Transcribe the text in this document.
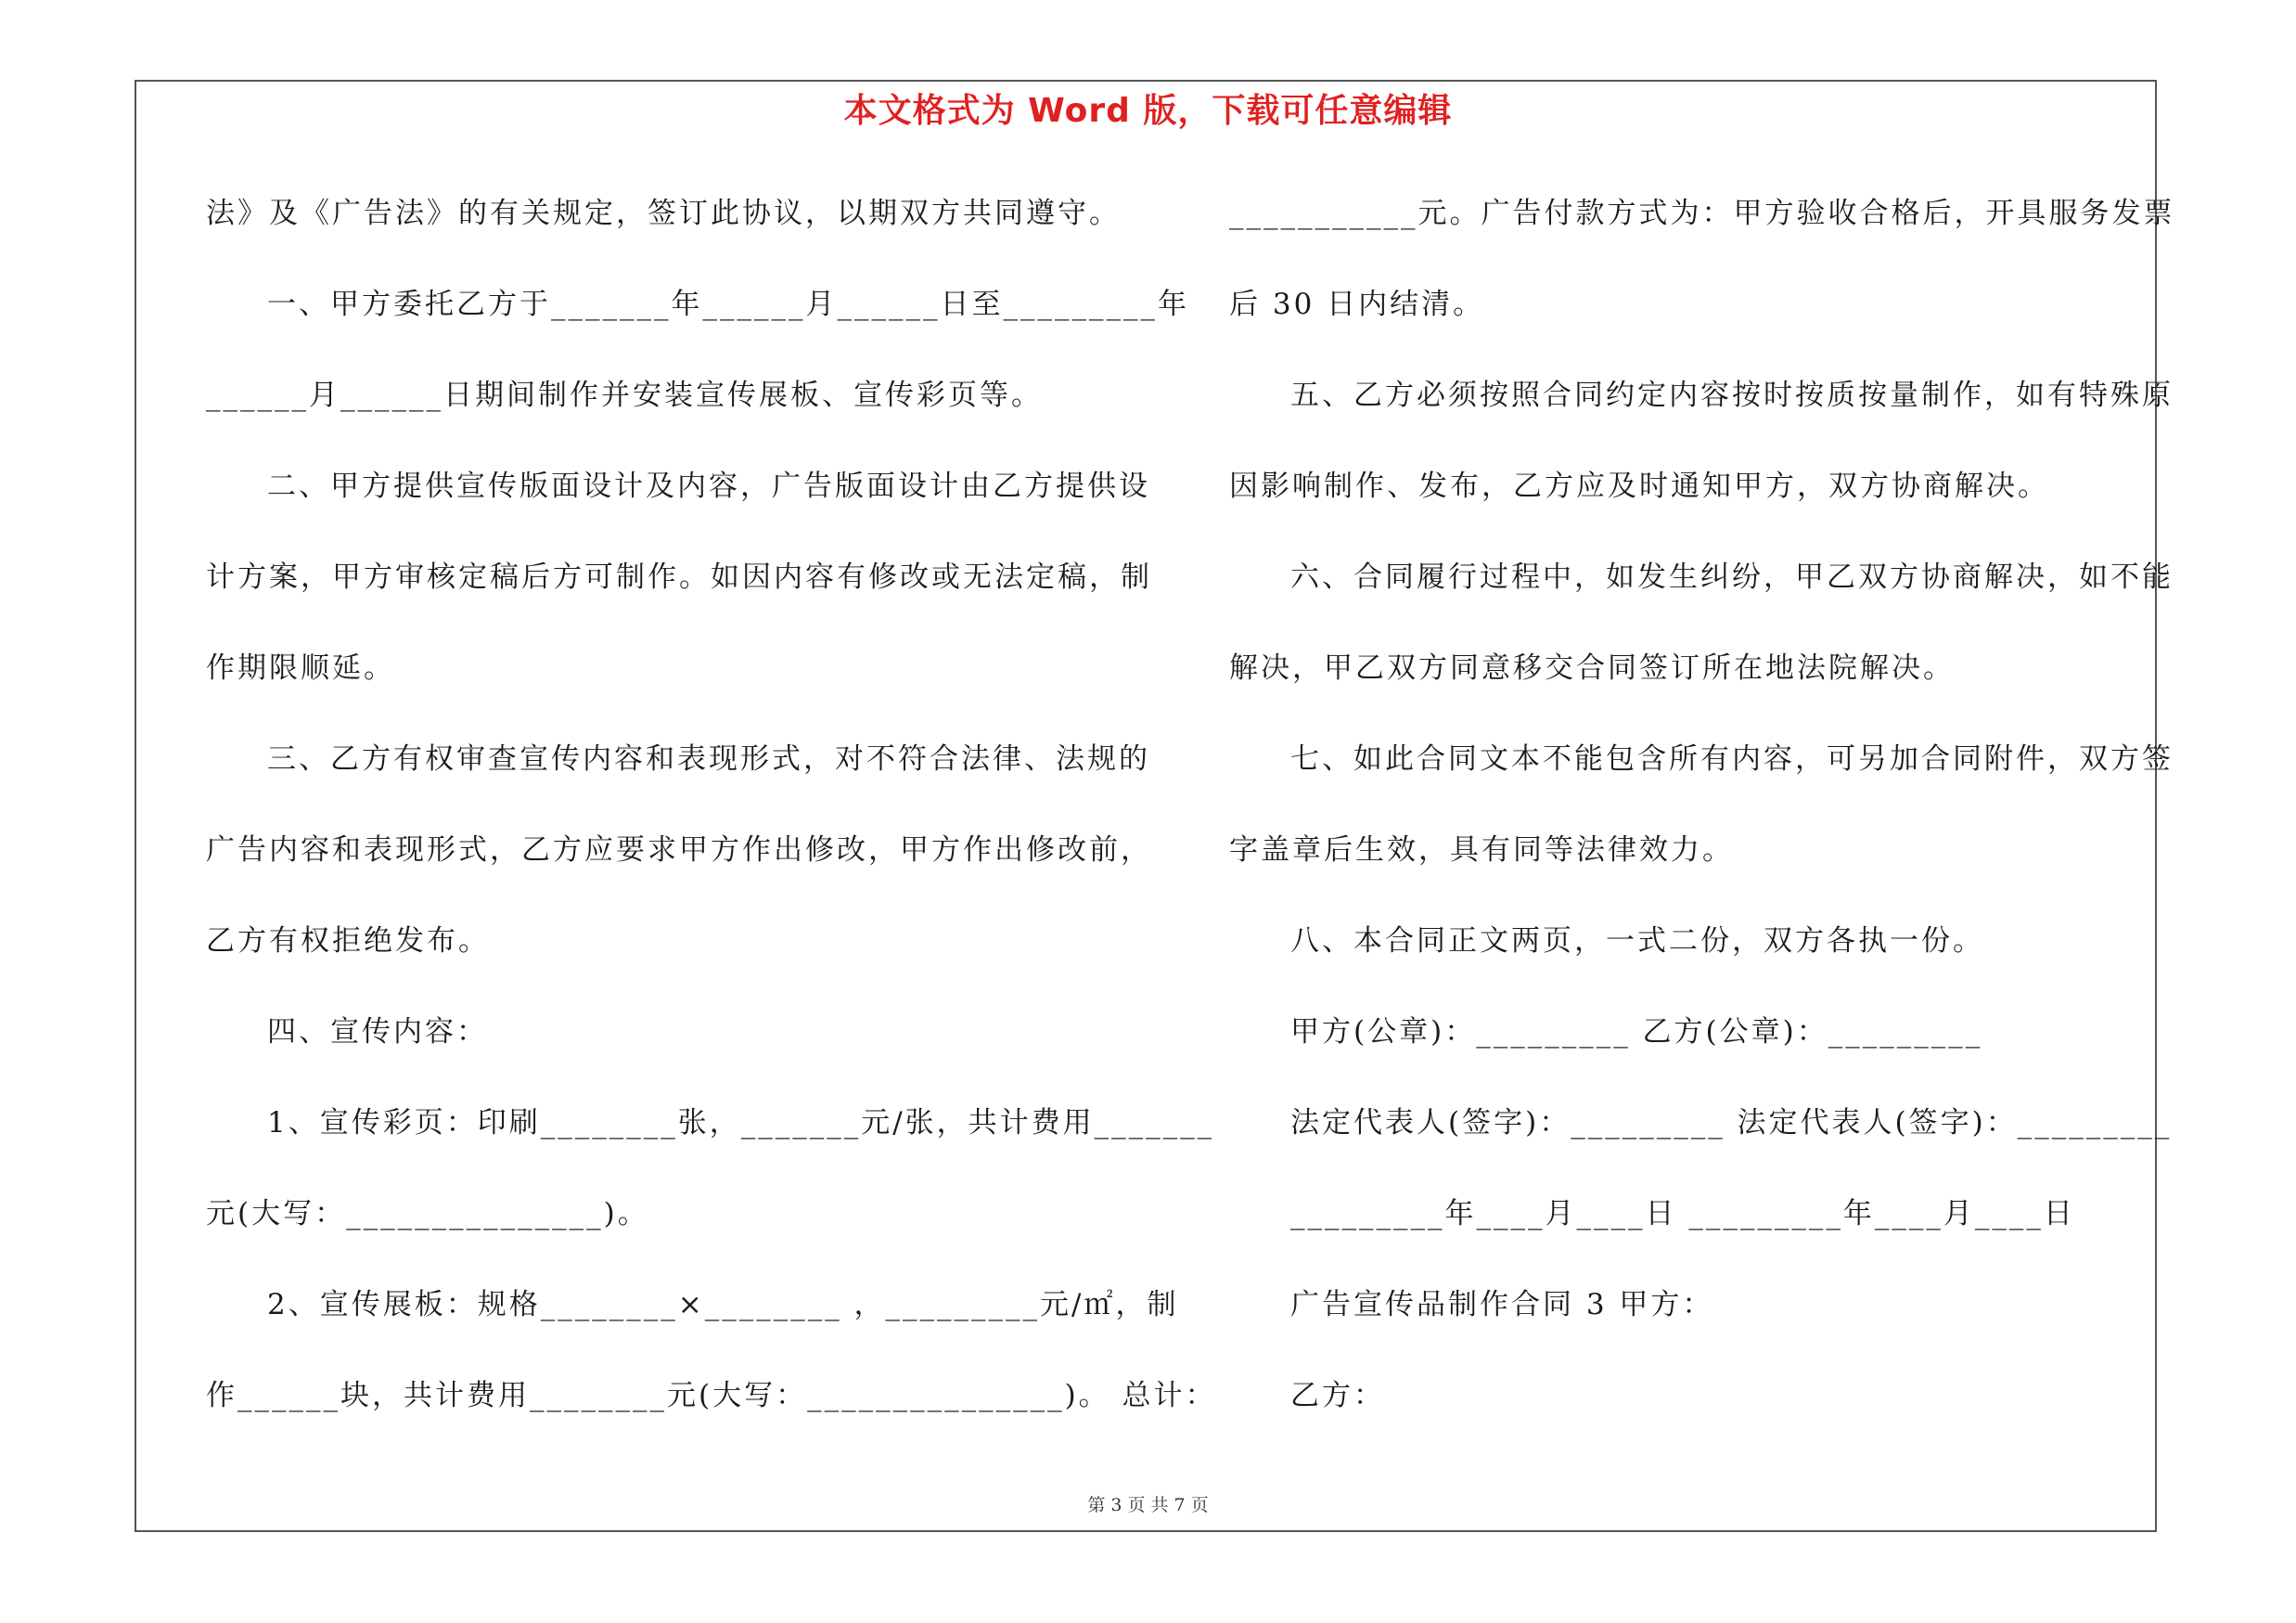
本文格式为 Word 版，下载可任意编辑
法》及《广告法》的有关规定，签订此协议，以期双方共同遵守。
一、甲方委托乙方于_______年______月______日至_________年
______月______日期间制作并安装宣传展板、宣传彩页等。
二、甲方提供宣传版面设计及内容，广告版面设计由乙方提供设
计方案，甲方审核定稿后方可制作。如因内容有修改或无法定稿，制
作期限顺延。
三、乙方有权审查宣传内容和表现形式，对不符合法律、法规的
广告内容和表现形式，乙方应要求甲方作出修改，甲方作出修改前，
乙方有权拒绝发布。
四、宣传内容：
1、宣传彩页：印刷________张，_______元/张，共计费用_______
元(大写：_______________)。
2、宣传展板：规格________×________ ，_________元/㎡，制
作______块，共计费用________元(大写：_______________)。 总计：
___________元。广告付款方式为：甲方验收合格后，开具服务发票
后 30 日内结清。
五、乙方必须按照合同约定内容按时按质按量制作，如有特殊原
因影响制作、发布，乙方应及时通知甲方，双方协商解决。
六、合同履行过程中，如发生纠纷，甲乙双方协商解决，如不能
解决，甲乙双方同意移交合同签订所在地法院解决。
七、如此合同文本不能包含所有内容，可另加合同附件，双方签
字盖章后生效，具有同等法律效力。
八、本合同正文两页，一式二份，双方各执一份。
甲方(公章)：_________ 乙方(公章)：_________
法定代表人(签字)：_________ 法定代表人(签字)：_________
_________年____月____日 _________年____月____日
广告宣传品制作合同 3 甲方：
乙方：
第 3 页 共 7 页
